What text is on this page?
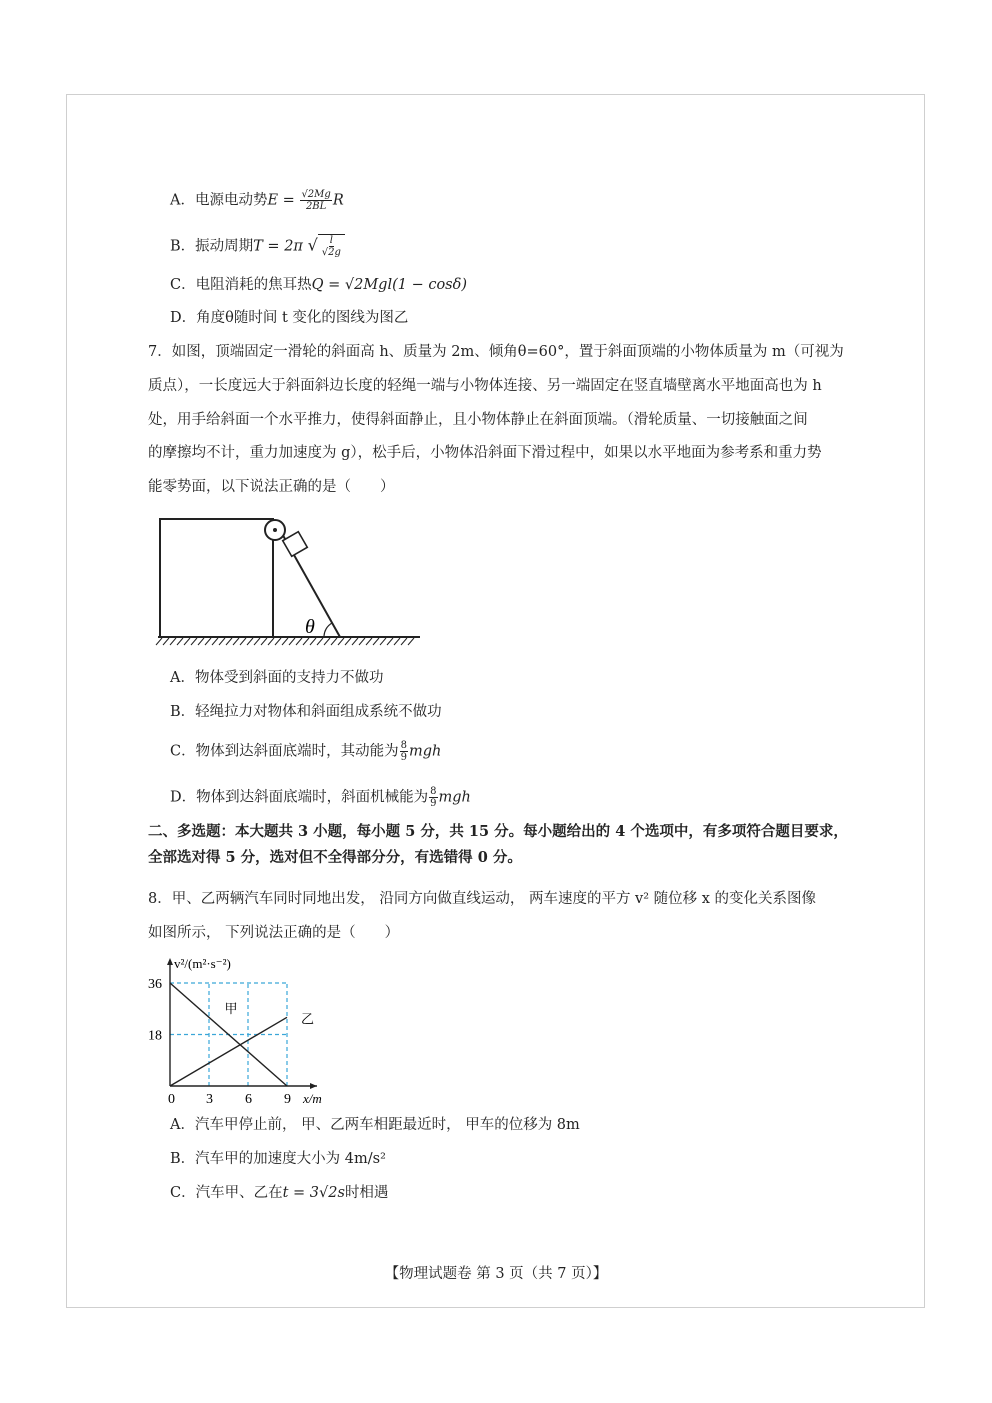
A．电源电动势$E = \frac{√2Mg}{2BL}$ R
B．振动周期T = 2π √ $\frac{l}{√2g}$
C．电阻消耗的焦耳热Q = √2Mgl(1 − cosδ)
D．角度θ随时间 t 变化的图线为图乙
7．如图，顶端固定一滑轮的斜面高 h、质量为 2m、倾角θ=60°，置于斜面顶端的小物体质量为 m（可视为
质点），一长度远大于斜面斜边长度的轻绳一端与小物体连接、另一端固定在竖直墙壁离水平地面高也为 h
处，用手给斜面一个水平推力，使得斜面静止，且小物体静止在斜面顶端。（滑轮质量、一切接触面之间
的摩擦均不计，重力加速度为 g），松手后，小物体沿斜面下滑过程中，如果以水平地面为参考系和重力势
能零势面，以下说法正确的是（　　）
θ
A．物体受到斜面的支持力不做功
B．轻绳拉力对物体和斜面组成系统不做功
C．物体到达斜面底端时，其动能为 $\frac{8}{9}$ mgh
D．物体到达斜面底端时，斜面机械能为 $\frac{8}{9}$ mgh
二、多选题：本大题共 3 小题，每小题 5 分，共 15 分。每小题给出的 4 个选项中，有多项符合题目要求，
全部选对得 5 分，选对但不全得部分分，有选错得 0 分。
8．甲、乙两辆汽车同时同地出发， 沿同方向做直线运动， 两车速度的平方 v² 随位移 x 的变化关系图像
如图所示， 下列说法正确的是（　　）
0 3 6 9
36
18
v²/(m²·s⁻²)
x/m
甲
乙
A．汽车甲停止前， 甲、乙两车相距最近时， 甲车的位移为 8m
B．汽车甲的加速度大小为 4m/s²
C．汽车甲、乙在t = 3√2s时相遇
【物理试题卷 第 3 页（共 7 页）】
